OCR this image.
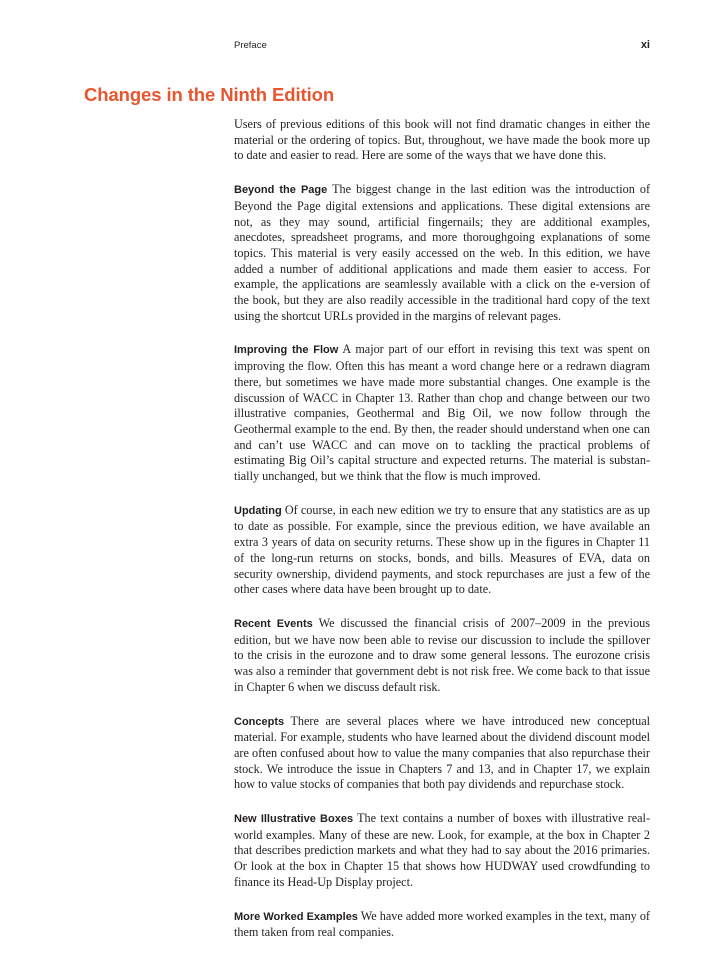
Preface	xi
Changes in the Ninth Edition

Users of previous editions of this book will not find dramatic changes in either the material or the ordering of topics. But, throughout, we have made the book more up to date and easier to read. Here are some of the ways that we have done this.

Beyond the Page The biggest change in the last edition was the introduction of Beyond the Page digital extensions and applications. These digital extensions are not, as they may sound, artificial fingernails; they are additional examples, anecdotes, spreadsheet programs, and more thoroughgoing explanations of some topics. This material is very easily accessed on the web. In this edition, we have added a number of additional applications and made them easier to access. For example, the applications are seamlessly available with a click on the e-version of the book, but they are also readily accessible in the traditional hard copy of the text using the shortcut URLs provided in the margins of relevant pages.

Improving the Flow A major part of our effort in revising this text was spent on improving the flow. Often this has meant a word change here or a redrawn diagram there, but sometimes we have made more substantial changes. One example is the discussion of WACC in Chapter 13. Rather than chop and change between our two illustrative companies, Geothermal and Big Oil, we now follow through the Geothermal example to the end. By then, the reader should understand when one can and can’t use WACC and can move on to tackling the practical problems of estimating Big Oil’s capital structure and expected returns. The material is substantially unchanged, but we think that the flow is much improved.

Updating Of course, in each new edition we try to ensure that any statistics are as up to date as possible. For example, since the previous edition, we have available an extra 3 years of data on security returns. These show up in the figures in Chapter 11 of the long-run returns on stocks, bonds, and bills. Measures of EVA, data on security ownership, dividend payments, and stock repurchases are just a few of the other cases where data have been brought up to date.

Recent Events We discussed the financial crisis of 2007–2009 in the previous edition, but we have now been able to revise our discussion to include the spillover to the crisis in the eurozone and to draw some general lessons. The eurozone crisis was also a reminder that government debt is not risk free. We come back to that issue in Chapter 6 when we discuss default risk.

Concepts There are several places where we have introduced new conceptual material. For example, students who have learned about the dividend discount model are often confused about how to value the many companies that also repurchase their stock. We introduce the issue in Chapters 7 and 13, and in Chapter 17, we explain how to value stocks of companies that both pay dividends and repurchase stock.

New Illustrative Boxes The text contains a number of boxes with illustrative real-world examples. Many of these are new. Look, for example, at the box in Chapter 2 that describes prediction markets and what they had to say about the 2016 primaries. Or look at the box in Chapter 15 that shows how HUDWAY used crowdfunding to finance its Head-Up Display project.

More Worked Examples We have added more worked examples in the text, many of them taken from real companies.
